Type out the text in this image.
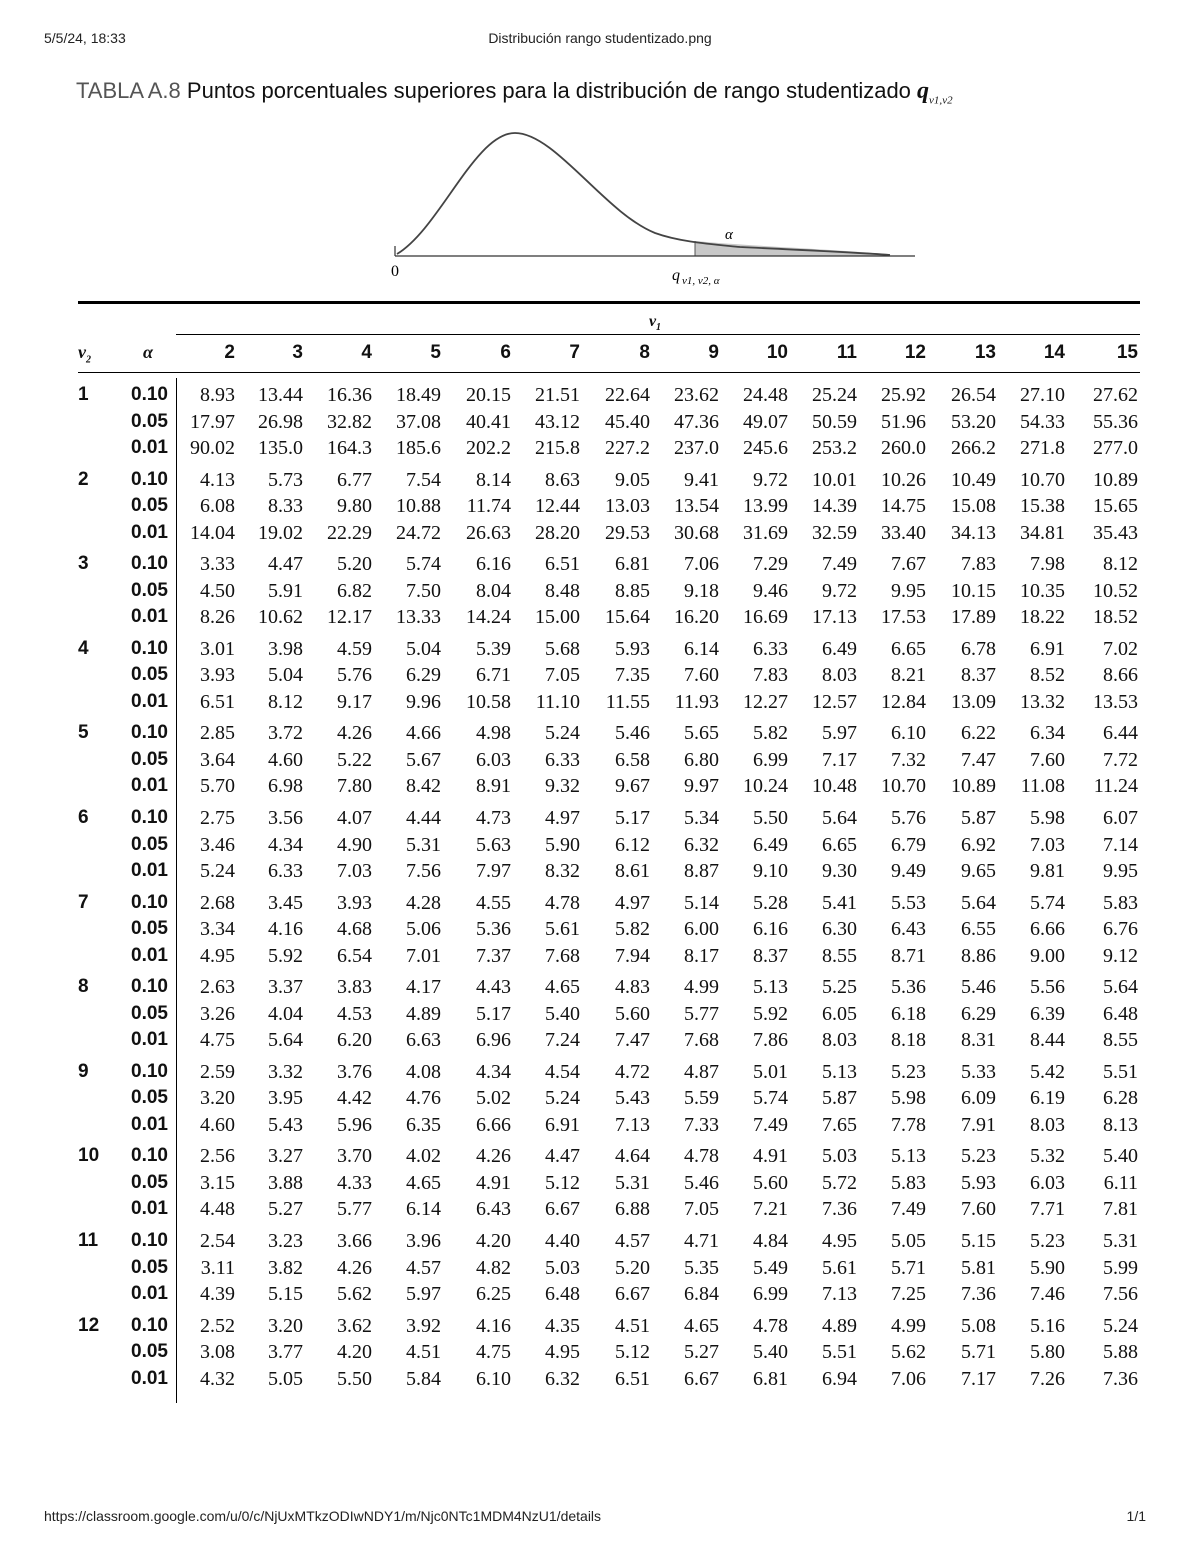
Distribución rango studentizado.png
5/5/24, 18:33
TABLA A.8 Puntos porcentuales superiores para la distribución de rango studentizado $q_{\nu 1,\nu 2}$
0
α
q ν1, ν2, α
$\nu_1$
$\nu_2$	α	2	3	4	5	6	7	8	9	10	11	12	13	14	15
1	0.10	8.93	13.44	16.36	18.49	20.15	21.51	22.64	23.62	24.48	25.24	25.92	26.54	27.10	27.62
0.05	17.97	26.98	32.82	37.08	40.41	43.12	45.40	47.36	49.07	50.59	51.96	53.20	54.33	55.36
0.01	90.02	135.0	164.3	185.6	202.2	215.8	227.2	237.0	245.6	253.2	260.0	266.2	271.8	277.0
2	0.10	4.13	5.73	6.77	7.54	8.14	8.63	9.05	9.41	9.72	10.01	10.26	10.49	10.70	10.89
0.05	6.08	8.33	9.80	10.88	11.74	12.44	13.03	13.54	13.99	14.39	14.75	15.08	15.38	15.65
0.01	14.04	19.02	22.29	24.72	26.63	28.20	29.53	30.68	31.69	32.59	33.40	34.13	34.81	35.43
3	0.10	3.33	4.47	5.20	5.74	6.16	6.51	6.81	7.06	7.29	7.49	7.67	7.83	7.98	8.12
0.05	4.50	5.91	6.82	7.50	8.04	8.48	8.85	9.18	9.46	9.72	9.95	10.15	10.35	10.52
0.01	8.26	10.62	12.17	13.33	14.24	15.00	15.64	16.20	16.69	17.13	17.53	17.89	18.22	18.52
4	0.10	3.01	3.98	4.59	5.04	5.39	5.68	5.93	6.14	6.33	6.49	6.65	6.78	6.91	7.02
0.05	3.93	5.04	5.76	6.29	6.71	7.05	7.35	7.60	7.83	8.03	8.21	8.37	8.52	8.66
0.01	6.51	8.12	9.17	9.96	10.58	11.10	11.55	11.93	12.27	12.57	12.84	13.09	13.32	13.53
5	0.10	2.85	3.72	4.26	4.66	4.98	5.24	5.46	5.65	5.82	5.97	6.10	6.22	6.34	6.44
0.05	3.64	4.60	5.22	5.67	6.03	6.33	6.58	6.80	6.99	7.17	7.32	7.47	7.60	7.72
0.01	5.70	6.98	7.80	8.42	8.91	9.32	9.67	9.97	10.24	10.48	10.70	10.89	11.08	11.24
6	0.10	2.75	3.56	4.07	4.44	4.73	4.97	5.17	5.34	5.50	5.64	5.76	5.87	5.98	6.07
0.05	3.46	4.34	4.90	5.31	5.63	5.90	6.12	6.32	6.49	6.65	6.79	6.92	7.03	7.14
0.01	5.24	6.33	7.03	7.56	7.97	8.32	8.61	8.87	9.10	9.30	9.49	9.65	9.81	9.95
7	0.10	2.68	3.45	3.93	4.28	4.55	4.78	4.97	5.14	5.28	5.41	5.53	5.64	5.74	5.83
0.05	3.34	4.16	4.68	5.06	5.36	5.61	5.82	6.00	6.16	6.30	6.43	6.55	6.66	6.76
0.01	4.95	5.92	6.54	7.01	7.37	7.68	7.94	8.17	8.37	8.55	8.71	8.86	9.00	9.12
8	0.10	2.63	3.37	3.83	4.17	4.43	4.65	4.83	4.99	5.13	5.25	5.36	5.46	5.56	5.64
0.05	3.26	4.04	4.53	4.89	5.17	5.40	5.60	5.77	5.92	6.05	6.18	6.29	6.39	6.48
0.01	4.75	5.64	6.20	6.63	6.96	7.24	7.47	7.68	7.86	8.03	8.18	8.31	8.44	8.55
9	0.10	2.59	3.32	3.76	4.08	4.34	4.54	4.72	4.87	5.01	5.13	5.23	5.33	5.42	5.51
0.05	3.20	3.95	4.42	4.76	5.02	5.24	5.43	5.59	5.74	5.87	5.98	6.09	6.19	6.28
0.01	4.60	5.43	5.96	6.35	6.66	6.91	7.13	7.33	7.49	7.65	7.78	7.91	8.03	8.13
10	0.10	2.56	3.27	3.70	4.02	4.26	4.47	4.64	4.78	4.91	5.03	5.13	5.23	5.32	5.40
0.05	3.15	3.88	4.33	4.65	4.91	5.12	5.31	5.46	5.60	5.72	5.83	5.93	6.03	6.11
0.01	4.48	5.27	5.77	6.14	6.43	6.67	6.88	7.05	7.21	7.36	7.49	7.60	7.71	7.81
11	0.10	2.54	3.23	3.66	3.96	4.20	4.40	4.57	4.71	4.84	4.95	5.05	5.15	5.23	5.31
0.05	3.11	3.82	4.26	4.57	4.82	5.03	5.20	5.35	5.49	5.61	5.71	5.81	5.90	5.99
0.01	4.39	5.15	5.62	5.97	6.25	6.48	6.67	6.84	6.99	7.13	7.25	7.36	7.46	7.56
12	0.10	2.52	3.20	3.62	3.92	4.16	4.35	4.51	4.65	4.78	4.89	4.99	5.08	5.16	5.24
0.05	3.08	3.77	4.20	4.51	4.75	4.95	5.12	5.27	5.40	5.51	5.62	5.71	5.80	5.88
0.01	4.32	5.05	5.50	5.84	6.10	6.32	6.51	6.67	6.81	6.94	7.06	7.17	7.26	7.36
https://classroom.google.com/u/0/c/NjUxMTkzODIwNDY1/m/Njc0NTc1MDM4NzU1/details	1/1
